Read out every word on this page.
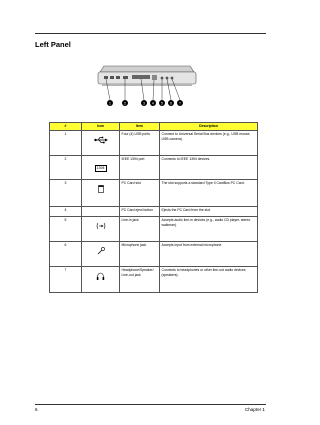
Left Panel
1	2	3 4 5 6 7
#	Icon	Item	Description
1		Four (4) USB ports	Connect to Universal Serial Bus devices (e.g., USB mouse, USB camera).
2	1394	IEEE 1394 port	Connects to IEEE 1394 devices.
3		PC Card slot	The slot supports a standard Type II CardBus PC Card.
4		PC Card eject button	Ejects the PC Card from the slot.
5		Line-in jack	Accepts audio line-in devices (e.g., audio CD player, stereo walkman).
6		Microphone jack	Accepts input from external microphone.
7		Headphone/Speaker/ Line-out jack	Connects to headphones or other line-out audio devices (speakers).
6	Chapter 1
